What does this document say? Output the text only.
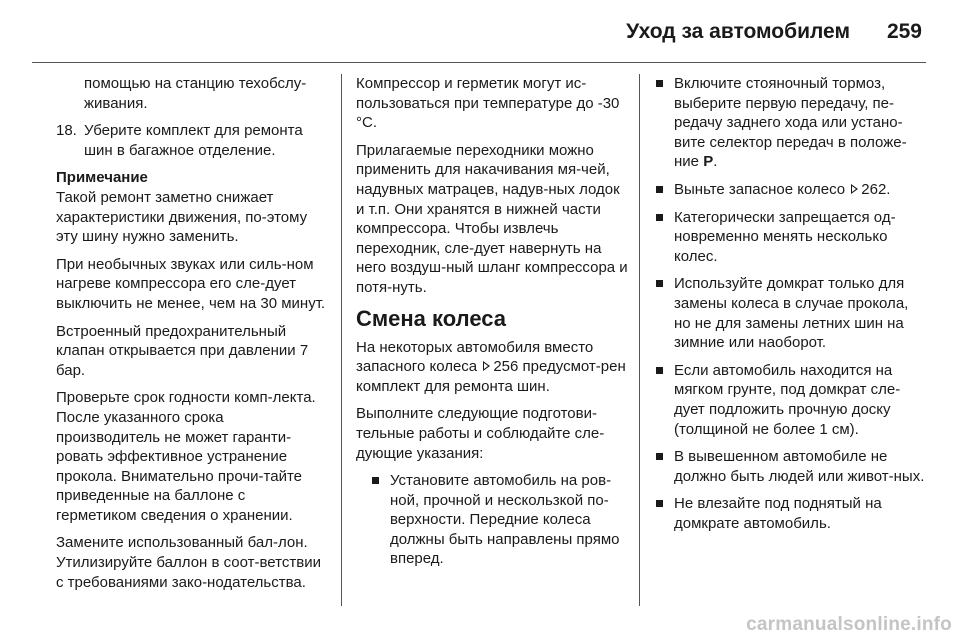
Уход за автомобилем	259

помощью на станцию техобслу-живания.

18. Уберите комплект для ремонта шин в багажное отделение.
Примечание

Такой ремонт заметно снижает характеристики движения, по-этому эту шину нужно заменить.

При необычных звуках или силь-ном нагреве компрессора его сле-дует выключить не менее, чем на 30 минут.

Встроенный предохранительный клапан открывается при давлении 7 бар.

Проверьте срок годности комп-лекта. После указанного срока производитель не может гаранти-ровать эффективное устранение прокола. Внимательно прочи-тайте приведенные на баллоне с герметиком сведения о хранении.

Замените использованный бал-лон. Утилизируйте баллон в соот-ветствии с требованиями зако-нодательства.

Компрессор и герметик могут ис-пользоваться при температуре до -30 °C.

Прилагаемые переходники можно применить для накачивания мя-чей, надувных матрацев, надув-ных лодок и т.п. Они хранятся в нижней части компрессора. Чтобы извлечь переходник, сле-дует навернуть на него воздуш-ный шланг компрессора и потя-нуть.

Смена колеса

На некоторых автомобиля вместо запасного колеса 256 предусмот-рен комплект для ремонта шин.

Выполните следующие подготови-тельные работы и соблюдайте сле-дующие указания:

Установите автомобиль на ров-ной, прочной и нескользкой по-верхности. Передние колеса должны быть направлены прямо вперед.
Включите стояночный тормоз, выберите первую передачу, пе-редачу заднего хода или устано-вите селектор передач в положе-ние P.
Выньте запасное колесо 262.
Категорически запрещается од-новременно менять несколько колес.
Используйте домкрат только для замены колеса в случае прокола, но не для замены летних шин на зимние или наоборот.
Если автомобиль находится на мягком грунте, под домкрат сле-дует подложить прочную доску (толщиной не более 1 см).
В вывешенном автомобиле не должно быть людей или живот-ных.
Не влезайте под поднятый на домкрате автомобиль.
carmanualsonline.info
